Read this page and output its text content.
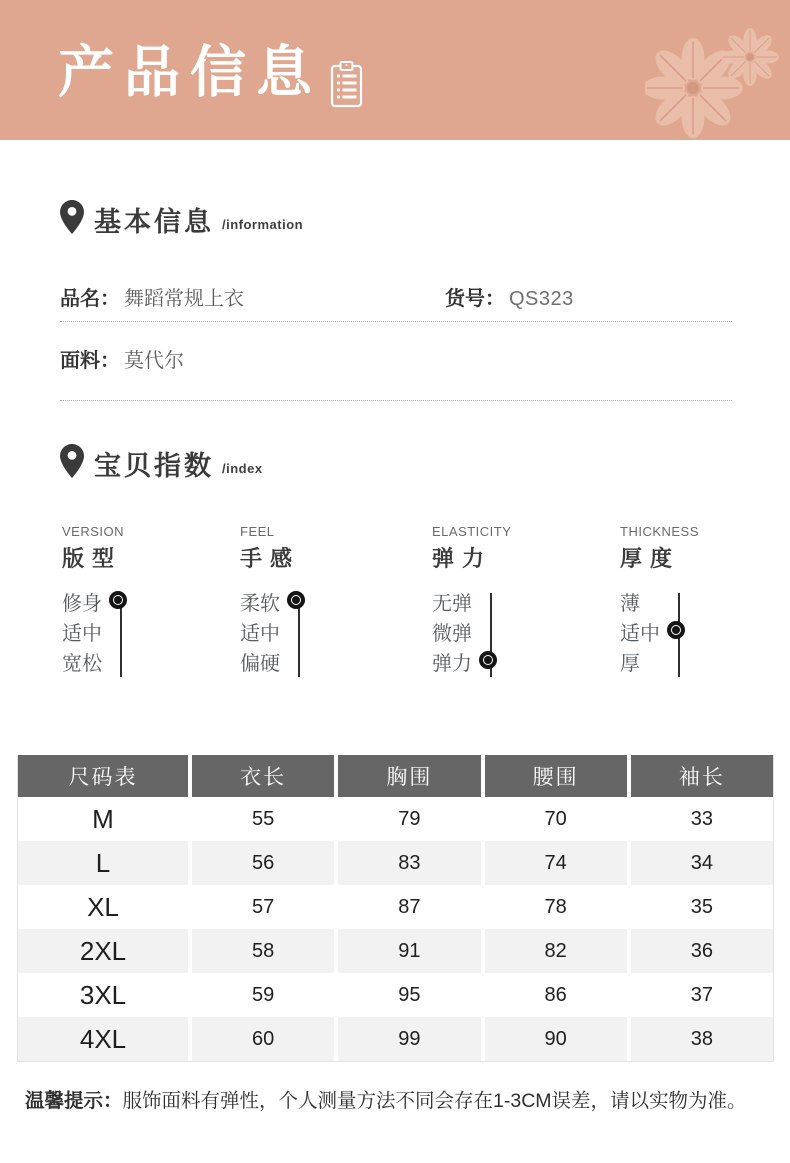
产品信息
基本信息 /information
品名： 舞蹈常规上衣	货号： QS323
面料： 莫代尔
宝贝指数 /index
VERSION
版型
修身
适中
宽松
FEEL
手感
柔软
适中
偏硬
ELASTICITY
弹力
无弹
微弹
弹力
THICKNESS
厚度
薄
适中
厚
尺码表	衣长	胸围	腰围	袖长
M	55	79	70	33
L	56	83	74	34
XL	57	87	78	35
2XL	58	91	82	36
3XL	59	95	86	37
4XL	60	99	90	38
温馨提示：服饰面料有弹性，个人测量方法不同会存在1-3CM误差，请以实物为准。
